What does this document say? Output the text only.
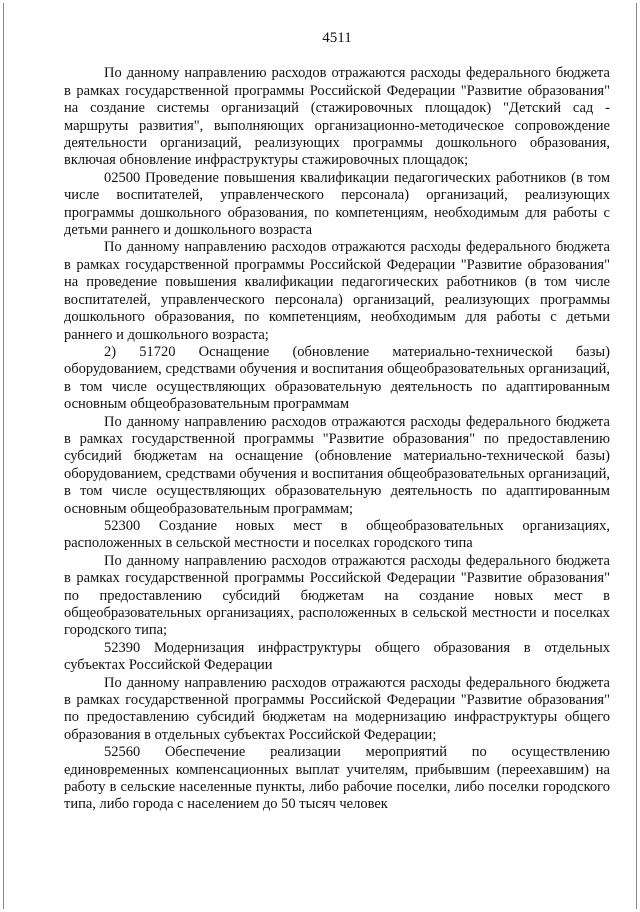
4511

По данному направлению расходов отражаются расходы федерального бюджета в рамках государственной программы Российской Федерации "Развитие образования" на создание системы организаций (стажировочных площадок) "Детский сад - маршруты развития", выполняющих организационно-методическое сопровождение деятельности организаций, реализующих программы дошкольного образования, включая обновление инфраструктуры стажировочных площадок;

02500 Проведение повышения квалификации педагогических работников (в том числе воспитателей, управленческого персонала) организаций, реализующих программы дошкольного образования, по компетенциям, необходимым для работы с детьми раннего и дошкольного возраста

По данному направлению расходов отражаются расходы федерального бюджета в рамках государственной программы Российской Федерации "Развитие образования" на проведение повышения квалификации педагогических работников (в том числе воспитателей, управленческого персонала) организаций, реализующих программы дошкольного образования, по компетенциям, необходимым для работы с детьми раннего и дошкольного возраста;

2) 51720 Оснащение (обновление материально-технической базы) оборудованием, средствами обучения и воспитания общеобразовательных организаций, в том числе осуществляющих образовательную деятельность по адаптированным основным общеобразовательным программам

По данному направлению расходов отражаются расходы федерального бюджета в рамках государственной программы "Развитие образования" по предоставлению субсидий бюджетам на оснащение (обновление материально-технической базы) оборудованием, средствами обучения и воспитания общеобразовательных организаций, в том числе осуществляющих образовательную деятельность по адаптированным основным общеобразовательным программам;

52300 Создание новых мест в общеобразовательных организациях, расположенных в сельской местности и поселках городского типа

По данному направлению расходов отражаются расходы федерального бюджета в рамках государственной программы Российской Федерации "Развитие образования" по предоставлению субсидий бюджетам на создание новых мест в общеобразовательных организациях, расположенных в сельской местности и поселках городского типа;

52390 Модернизация инфраструктуры общего образования в отдельных субъектах Российской Федерации

По данному направлению расходов отражаются расходы федерального бюджета в рамках государственной программы Российской Федерации "Развитие образования" по предоставлению субсидий бюджетам на модернизацию инфраструктуры общего образования в отдельных субъектах Российской Федерации;

52560 Обеспечение реализации мероприятий по осуществлению единовременных компенсационных выплат учителям, прибывшим (переехавшим) на работу в сельские населенные пункты, либо рабочие поселки, либо поселки городского типа, либо города с населением до 50 тысяч человек
